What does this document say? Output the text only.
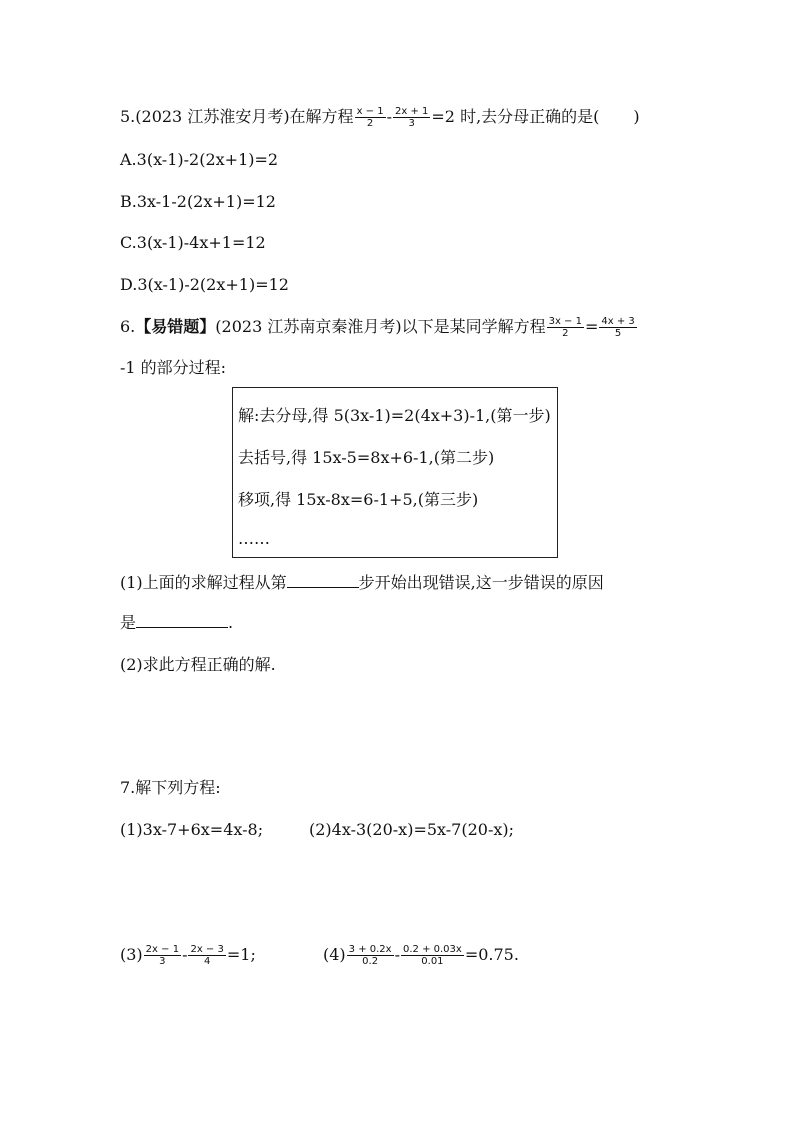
5.(2023 江苏淮安月考)在解方程 $\frac{x - 1}{2} - \frac{2x + 1}{3} =2$ 时,去分母正确的是( )
A.3(x-1)-2(2x+1)=2
B.3x-1-2(2x+1)=12
C.3(x-1)-4x+1=12
D.3(x-1)-2(2x+1)=12
6.【易错题】(2023 江苏南京秦淮月考)以下是某同学解方程 $\frac{3x - 1}{2} = \frac{4x + 3}{5}$
-1 的部分过程:
解:去分母,得 5(3x-1)=2(4x+3)-1,(第一步)
去括号,得 15x-5=8x+6-1,(第二步)
移项,得 15x-8x=6-1+5,(第三步)
……
(1)上面的求解过程从第	步开始出现错误,这一步错误的原因
是	.
(2)求此方程正确的解.
7.解下列方程:
(1)3x-7+6x=4x-8;	(2)4x-3(20-x)=5x-7(20-x);
$(3) \frac{2x - 1}{3} - \frac{2x - 3}{4} =1$;	$(4) \frac{3 + 0.2x}{0.2} - \frac{0.2 + 0.03x}{0.01} =0.75$.
